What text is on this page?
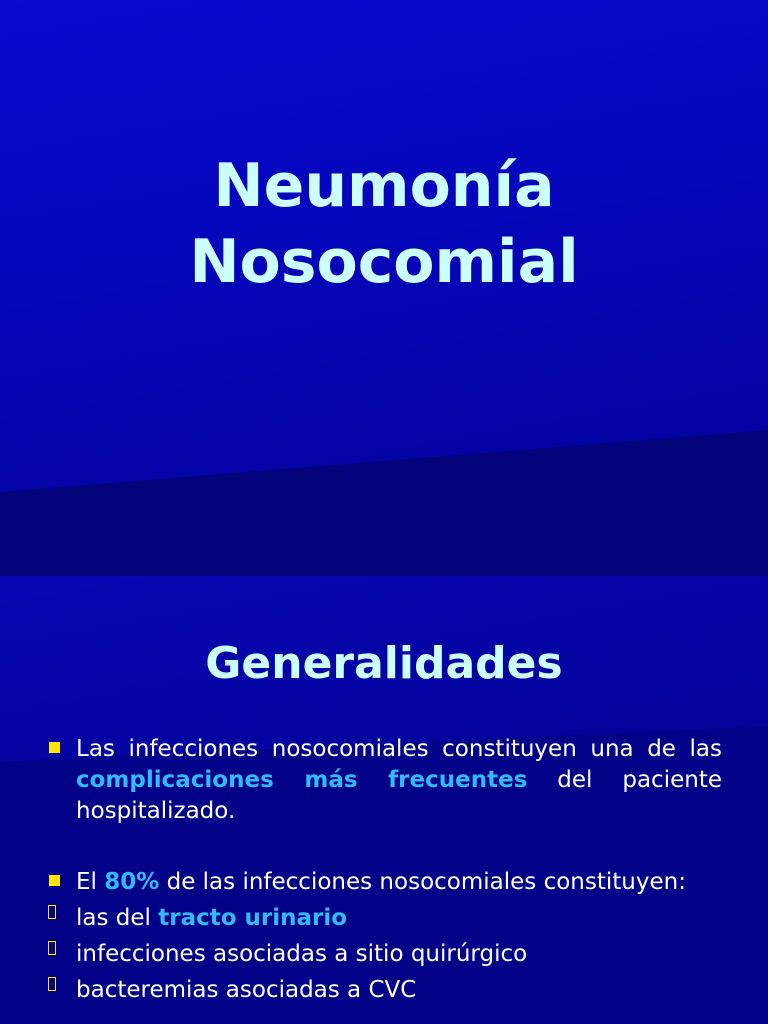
Neumonía
Nosocomial
Generalidades
Las infecciones nosocomiales constituyen una de las complicaciones más frecuentes del paciente hospitalizado.
El 80% de las infecciones nosocomiales constituyen:
las del tracto urinario
infecciones asociadas a sitio quirúrgico
bacteremias asociadas a CVC
